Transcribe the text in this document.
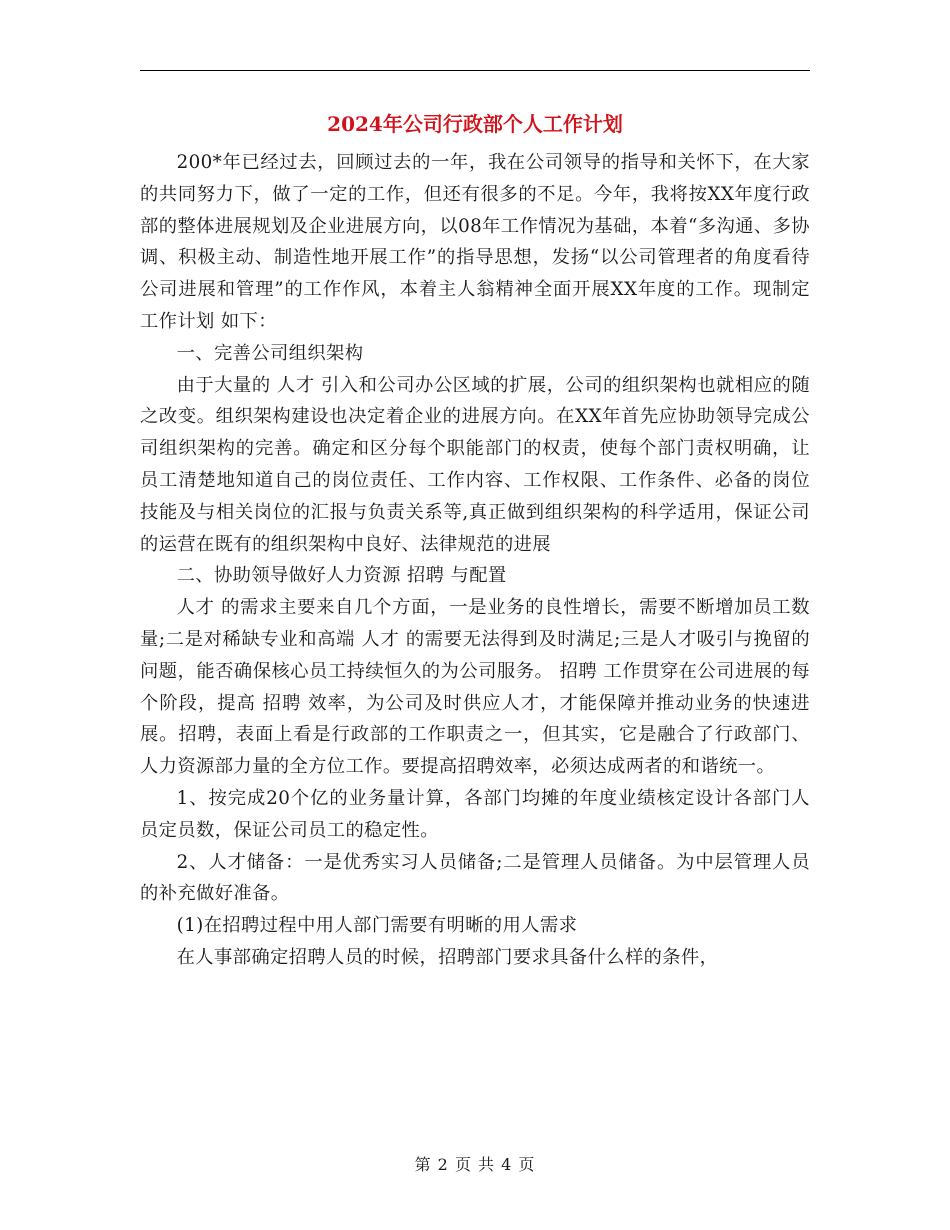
2024年公司行政部个人工作计划

200*年已经过去，回顾过去的一年，我在公司领导的指导和关怀下，在大家的共同努力下，做了一定的工作，但还有很多的不足。今年，我将按XX年度行政部的整体进展规划及企业进展方向，以08年工作情况为基础，本着“多沟通、多协调、积极主动、制造性地开展工作”的指导思想，发扬“以公司管理者的角度看待公司进展和管理”的工作作风，本着主人翁精神全面开展XX年度的工作。现制定 工作计划 如下：

一、完善公司组织架构

由于大量的 人才 引入和公司办公区域的扩展，公司的组织架构也就相应的随之改变。组织架构建设也决定着企业的进展方向。在XX年首先应协助领导完成公司组织架构的完善。确定和区分每个职能部门的权责，使每个部门责权明确，让员工清楚地知道自己的岗位责任、工作内容、工作权限、工作条件、必备的岗位技能及与相关岗位的汇报与负责关系等,真正做到组织架构的科学适用，保证公司的运营在既有的组织架构中良好、法律规范的进展

二、协助领导做好人力资源 招聘 与配置

人才 的需求主要来自几个方面，一是业务的良性增长，需要不断增加员工数量;二是对稀缺专业和高端 人才 的需要无法得到及时满足;三是人才吸引与挽留的问题，能否确保核心员工持续恒久的为公司服务。 招聘 工作贯穿在公司进展的每个阶段，提高 招聘 效率，为公司及时供应人才，才能保障并推动业务的快速进展。招聘，表面上看是行政部的工作职责之一，但其实，它是融合了行政部门、人力资源部力量的全方位工作。要提高招聘效率，必须达成两者的和谐统一。

1、按完成20个亿的业务量计算，各部门均摊的年度业绩核定设计各部门人员定员数，保证公司员工的稳定性。

2、人才储备：一是优秀实习人员储备;二是管理人员储备。为中层管理人员的补充做好准备。

(1)在招聘过程中用人部门需要有明晰的用人需求

在人事部确定招聘人员的时候，招聘部门要求具备什么样的条件，

第 2 页 共 4 页
